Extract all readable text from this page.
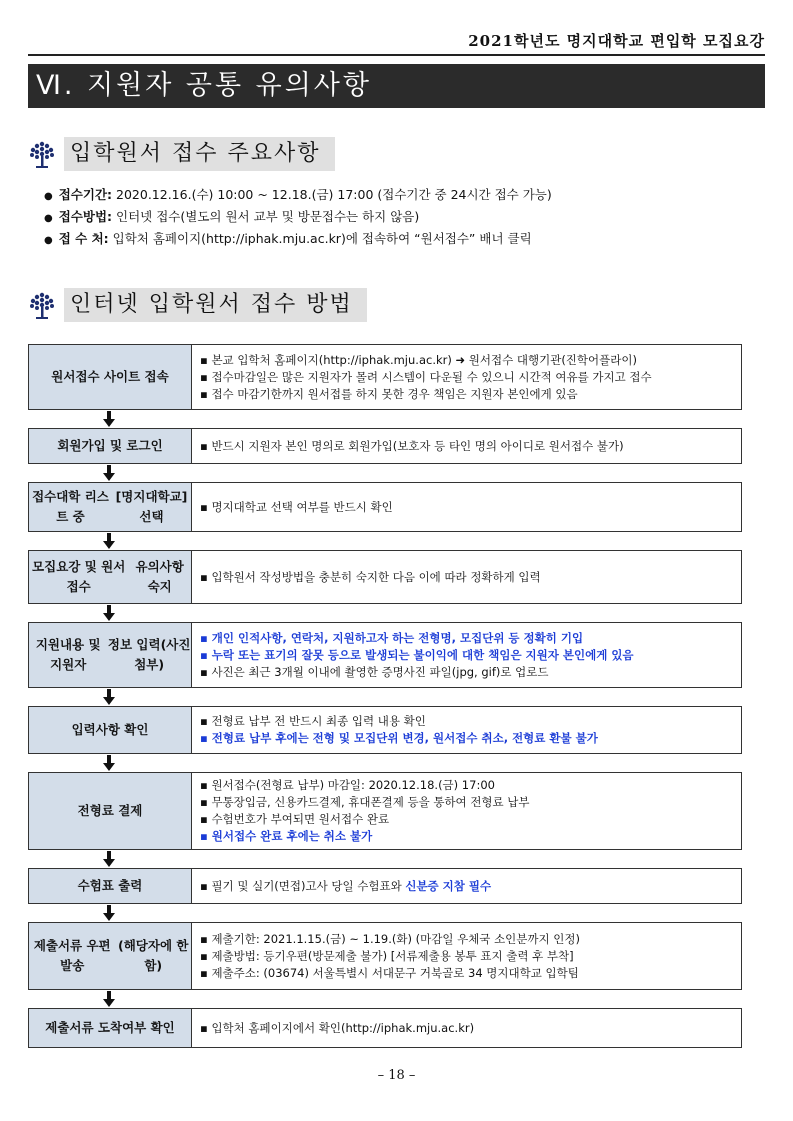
2021학년도 명지대학교 편입학 모집요강
Ⅵ. 지원자 공통 유의사항
입학원서 접수 주요사항
● 접수기간: 2020.12.16.(수) 10:00 ~ 12.18.(금) 17:00 (접수기간 중 24시간 접수 가능)
● 접수방법: 인터넷 접수(별도의 원서 교부 및 방문접수는 하지 않음)
● 접 수 처: 입학처 홈페이지(http://iphak.mju.ac.kr)에 접속하여 “원서접수” 배너 클릭
인터넷 입학원서 접수 방법
원서접수 사이트 접속
▪ 본교 입학처 홈페이지(http://iphak.mju.ac.kr) ➜ 원서접수 대행기관(진학어플라이)
▪ 접수마감일은 많은 지원자가 몰려 시스템이 다운될 수 있으니 시간적 여유를 가지고 접수
▪ 접수 마감기한까지 원서접를 하지 못한 경우 책임은 지원자 본인에게 있음
회원가입 및 로그인	▪ 반드시 지원자 본인 명의로 회원가입(보호자 등 타인 명의 아이디로 원서접수 불가)
접수대학 리스트 중

[명지대학교] 선택
▪ 명지대학교 선택 여부를 반드시 확인
모집요강 및 원서 접수

유의사항 숙지
▪ 입학원서 작성방법을 충분히 숙지한 다음 이에 따라 정확하게 입력
지원내용 및 지원자

정보 입력(사진첨부)
▪ 개인 인적사항, 연락처, 지원하고자 하는 전형명, 모집단위 등 정확히 기입
▪ 누락 또는 표기의 잘못 등으로 발생되는 불이익에 대한 책임은 지원자 본인에게 있음
▪ 사진은 최근 3개월 이내에 촬영한 증명사진 파일(jpg, gif)로 업로드
입력사항 확인
▪ 전형료 납부 전 반드시 최종 입력 내용 확인
▪ 전형료 납부 후에는 전형 및 모집단위 변경, 원서접수 취소, 전형료 환불 불가
전형료 결제
▪ 원서접수(전형료 납부) 마감일: 2020.12.18.(금) 17:00
▪ 무통장입금, 신용카드결제, 휴대폰결제 등을 통하여 전형료 납부
▪ 수험번호가 부여되면 원서접수 완료
▪ 원서접수 완료 후에는 취소 불가
수험표 출력	▪ 필기 및 실기(면접)고사 당일 수험표와 신분증 지참 필수
제출서류 우편발송

(해당자에 한함)
▪ 제출기한: 2021.1.15.(금) ~ 1.19.(화) (마감일 우체국 소인분까지 인정)
▪ 제출방법: 등기우편(방문제출 불가) [서류제출용 봉투 표지 출력 후 부착]
▪ 제출주소: (03674) 서울특별시 서대문구 거북골로 34 명지대학교 입학팀
제출서류 도착여부 확인 ▪ 입학처 홈페이지에서 확인(http://iphak.mju.ac.kr)
– 18 –
